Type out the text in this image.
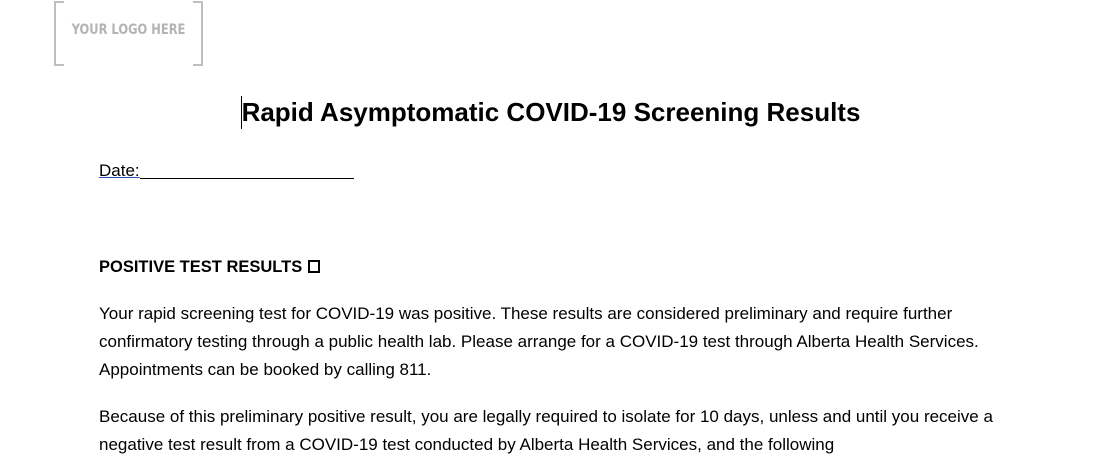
YOUR LOGO HERE
Rapid Asymptomatic COVID-19 Screening Results
Date:
POSITIVE TEST RESULTS

Your rapid screening test for COVID-19 was positive. These results are considered preliminary and require further confirmatory testing through a public health lab. Please arrange for a COVID-19 test through Alberta Health Services. Appointments can be booked by calling 811.

Because of this preliminary positive result, you are legally required to isolate for 10 days, unless and until you receive a negative test result from a COVID-19 test conducted by Alberta Health Services, and the following
